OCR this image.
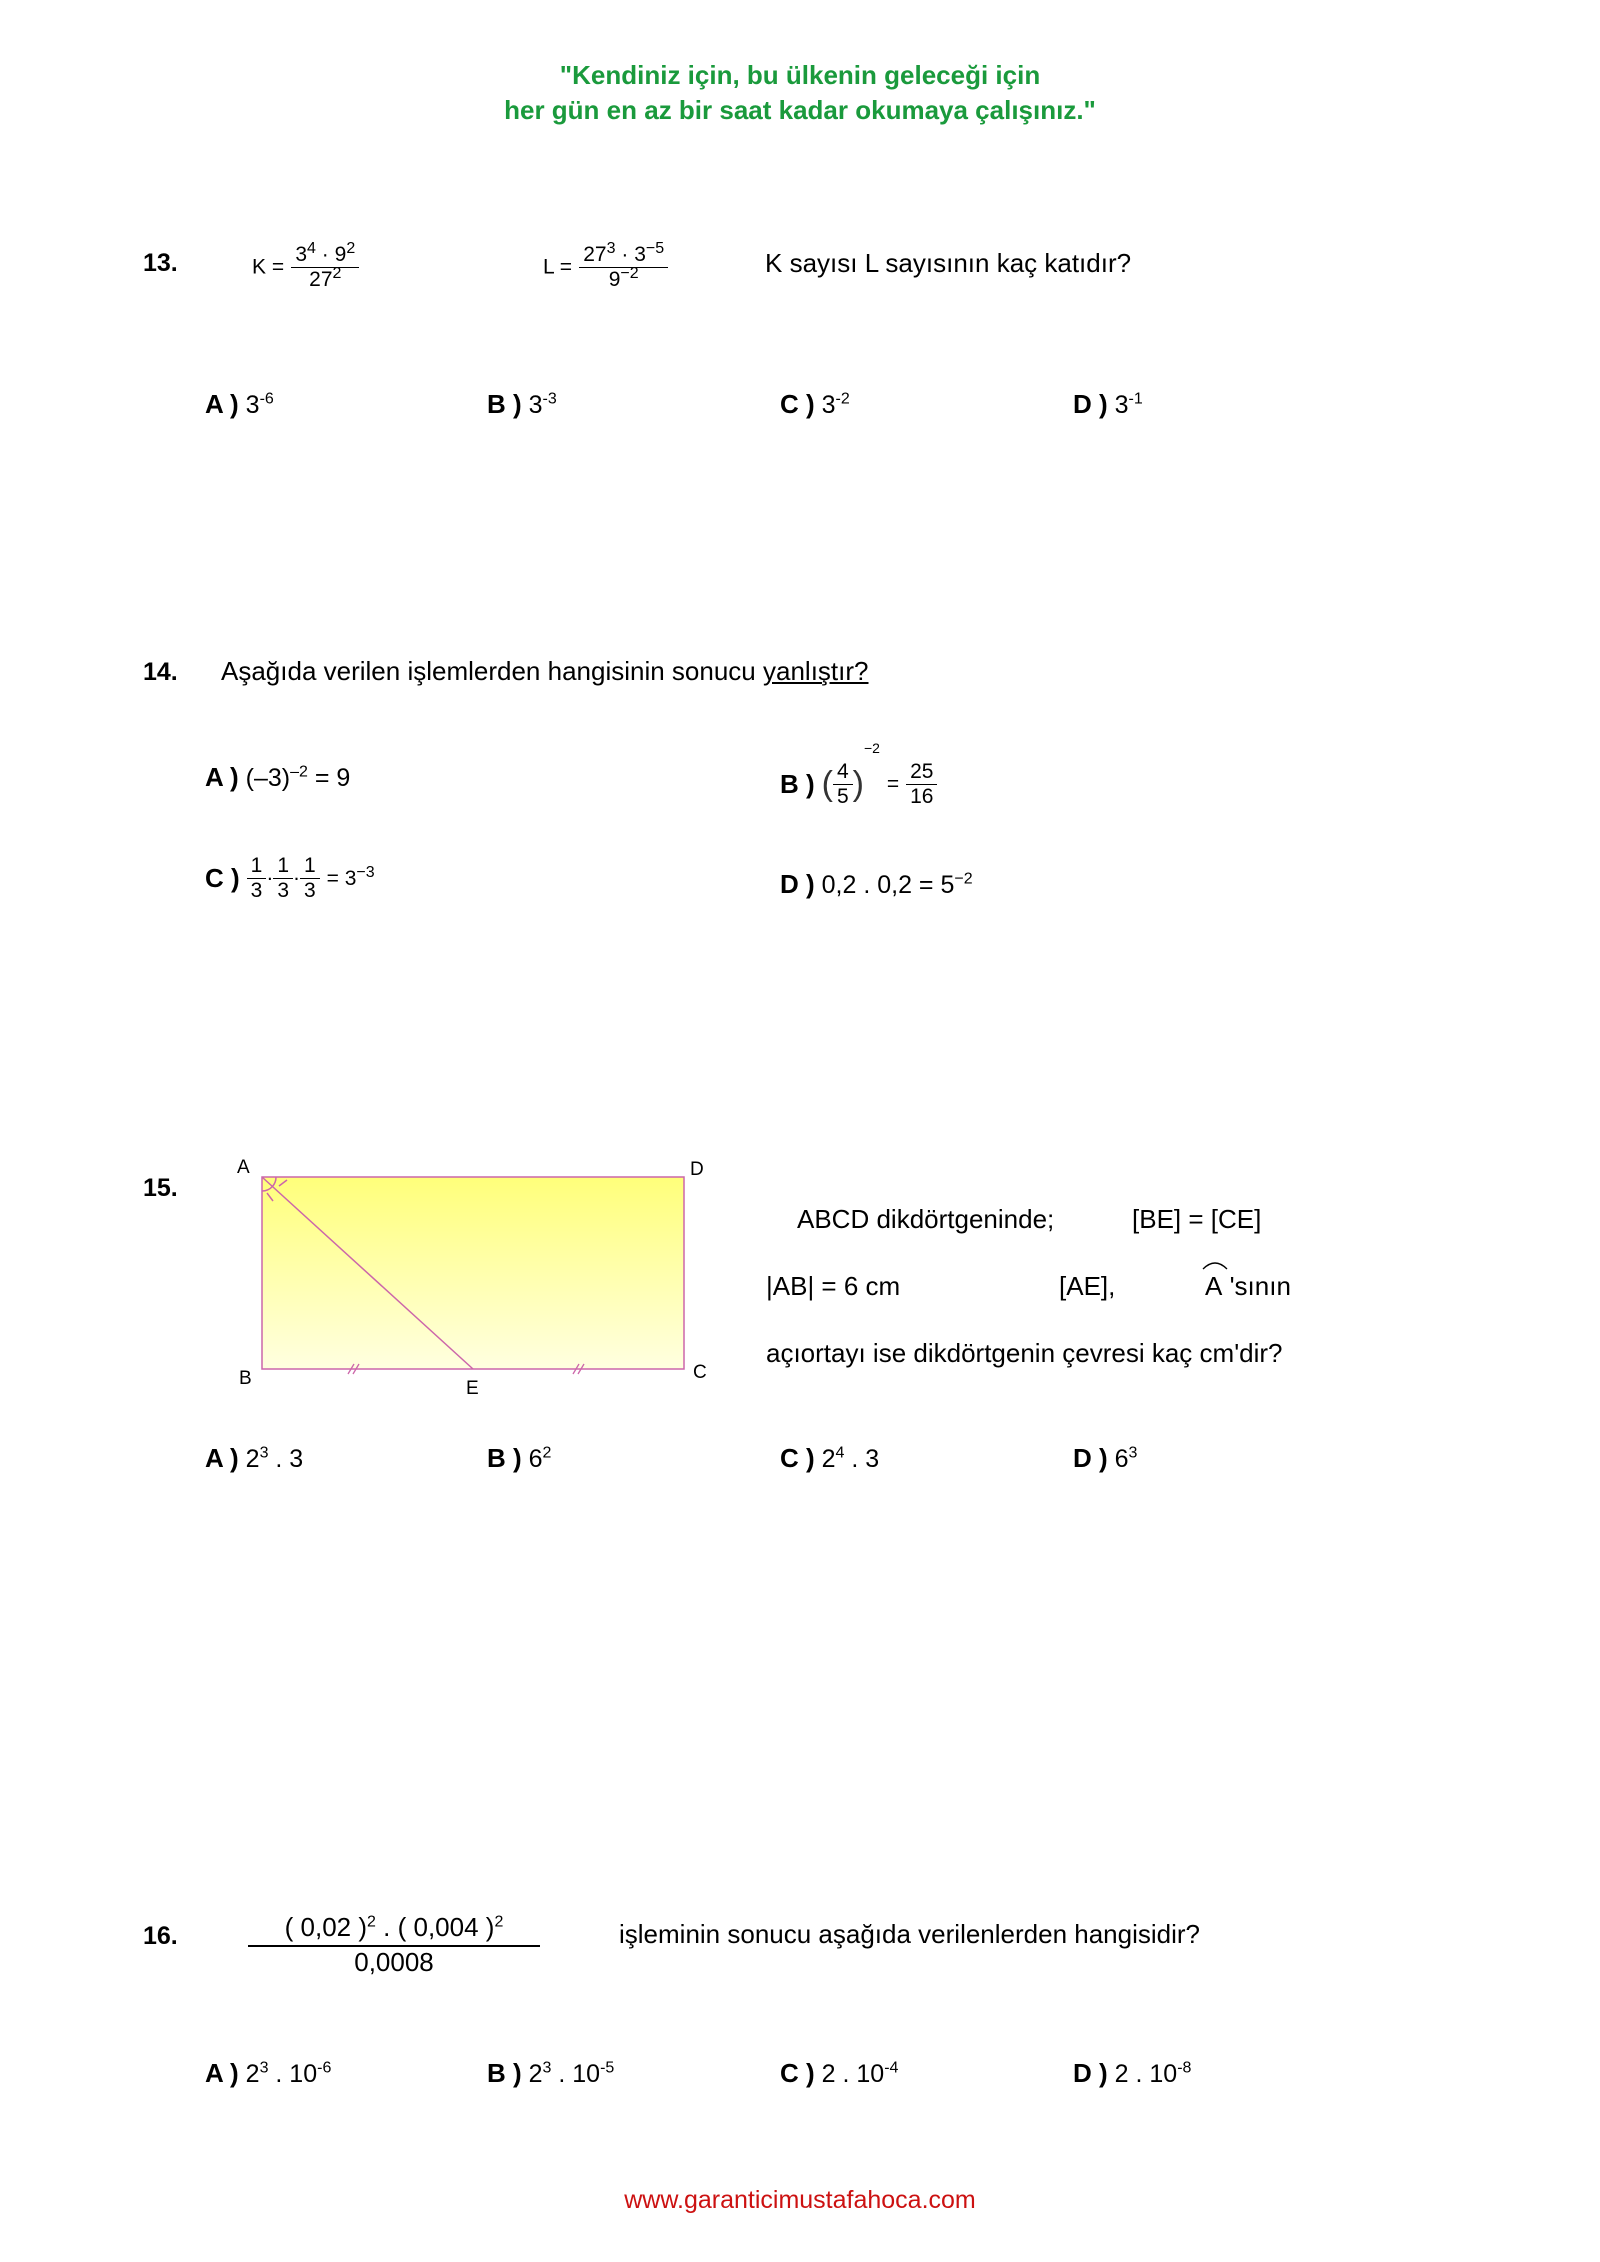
"Kendiniz için, bu ülkenin geleceği için
her gün en az bir saat kadar okumaya çalışınız."
13.	$K = \frac{3^4 \cdot 9^2}{27^2}$	$L = \frac{27^3 \cdot 3^{-5}}{9^{-2}}$	K sayısı L sayısının kaç katıdır?
A ) $3^{-6}$	B ) $3^{-3}$	C ) $3^{-2}$	D ) $3^{-1}$
14. Aşağıda verilen işlemlerden hangisinin sonucu yanlıştır?
A ) $(-3)^{-2} = 9$	B ) ( $\frac{4}{5} )^{-2} = \frac{25}{16}$
C ) $\frac{1}{3} \cdot \frac{1}{3} \cdot \frac{1}{3} = 3^{-3}$	D ) 0,2 . $0,2 = 5^{-2}$
15.
A	D
B	C
E
ABCD dikdörtgeninde;	[BE] = [CE]
|AB| = 6 cm	[AE],	A 'sının
açıortayı ise dikdörtgenin çevresi kaç cm'dir?
A ) $2^3$ . 3	B ) $6^2$	C ) $2^4$ . 3	D ) $6^3$
16.	$\frac{( 0,02 )^2 . ( 0,004 )^2}{0,0008}$	işleminin sonucu aşağıda verilenlerden hangisidir?
A ) $2^3$ . $10^{-6}$	B ) $2^3$ . $10^{-5}$	C ) 2 . $10^{-4}$	D ) 2 . $10^{-8}$
www.garanticimustafahoca.com
